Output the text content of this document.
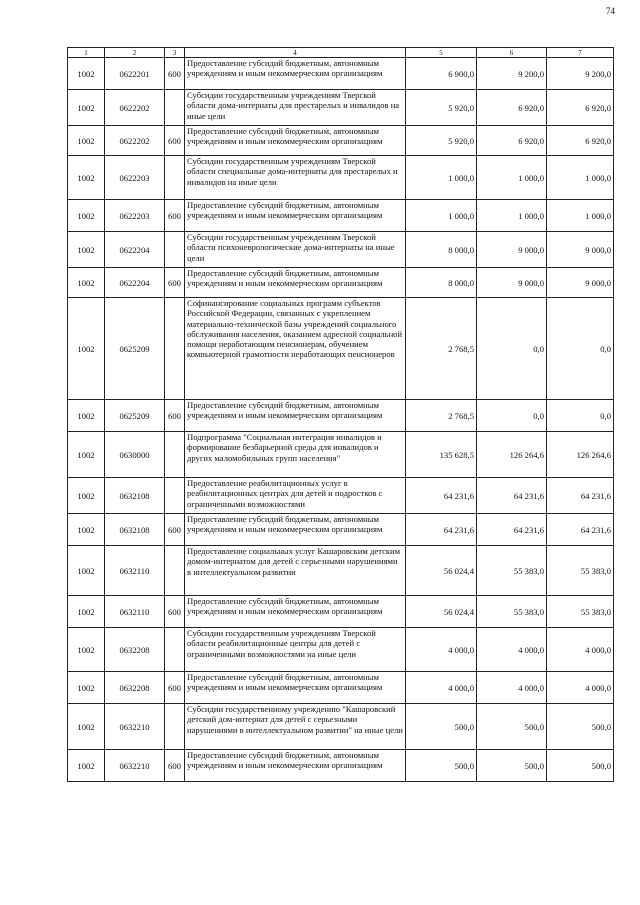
74
1	2	3	4	5	6	7
1002	0622201	600	Предоставление субсидий бюджетным, автономным учреждениям и иным некоммерческим организациям	6 900,0	9 200,0	9 200,0
1002	0622202		Субсидии государственным учреждениям Тверской области дома-интернаты для престарелых и инвалидов на иные цели	5 920,0	6 920,0	6 920,0
1002	0622202	600	Предоставление субсидий бюджетным, автономным учреждениям и иным некоммерческим организациям	5 920,0	6 920,0	6 920,0
1002	0622203		Субсидии государственным учреждениям Тверской области специальные дома-интернаты для престарелых и инвалидов на иные цели	1 000,0	1 000,0	1 000,0
1002	0622203	600	Предоставление субсидий бюджетным, автономным учреждениям и иным некоммерческим организациям	1 000,0	1 000,0	1 000,0
1002	0622204		Субсидии государственным учреждениям Тверской области психоневрологические дома-интернаты на иные цели	8 000,0	9 000,0	9 000,0
1002	0622204	600	Предоставление субсидий бюджетным, автономным учреждениям и иным некоммерческим организациям	8 000,0	9 000,0	9 000,0
1002	0625209		Софинансирование социальных программ субъектов Российской Федерации, связанных с укреплением материально-технической базы учреждений социального обслуживания населения, оказанием адресной социальной помощи неработающим пенсионерам, обучением компьютерной грамотности неработающих пенсионеров	2 768,5	0,0	0,0
1002	0625209	600	Предоставление субсидий бюджетным, автономным учреждениям и иным некоммерческим организациям	2 768,5	0,0	0,0
1002	0630000		Подпрограмма "Социальная интеграция инвалидов и формирование безбарьерной среды для инвалидов и других маломобильных групп населения"	135 628,5	126 264,6	126 264,6
1002	0632108		Предоставление реабилитационных услуг в реабилитационных центрах для детей и подростков с ограниченными возможностями	64 231,6	64 231,6	64 231,6
1002	0632108	600	Предоставление субсидий бюджетным, автономным учреждениям и иным некоммерческим организациям	64 231,6	64 231,6	64 231,6
1002	0632110		Предоставление социальных услуг Кашаровским детским домом-интернатом для детей с серьезными нарушениями в интеллектуальном развитии	56 024,4	55 383,0	55 383,0
1002	0632110	600	Предоставление субсидий бюджетным, автономным учреждениям и иным некоммерческим организациям	56 024,4	55 383,0	55 383,0
1002	0632208		Субсидии государственным учреждениям Тверской области реабилитационные центры для детей с ограниченными возможностями на иные цели	4 000,0	4 000,0	4 000,0
1002	0632208	600	Предоставление субсидий бюджетным, автономным учреждениям и иным некоммерческим организациям	4 000,0	4 000,0	4 000,0
1002	0632210		Субсидии государственному учреждению "Кашаровский детский дом-интернат для детей с серьезными нарушениями в интеллектуальном развитии" на иные цели	500,0	500,0	500,0
1002	0632210	600	Предоставление субсидий бюджетным, автономным учреждениям и иным некоммерческим организациям	500,0	500,0	500,0
